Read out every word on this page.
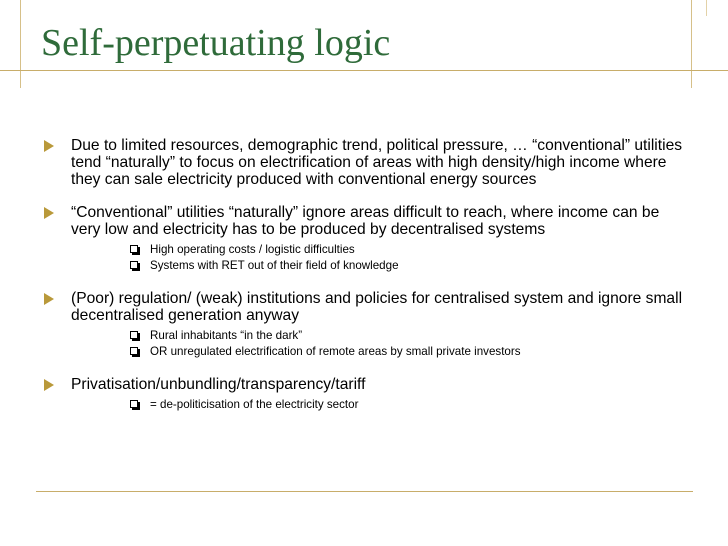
Self-perpetuating logic
Due to limited resources, demographic trend, political pressure, … “conventional” utilities tend “naturally” to focus on electrification of areas with high density/high income where they can sale electricity produced with conventional energy sources
“Conventional” utilities “naturally” ignore areas difficult to reach, where income can be very low and electricity has to be produced by decentralised systems
High operating costs / logistic difficulties
Systems with RET out of their field of knowledge
(Poor) regulation/ (weak) institutions and policies for centralised system and ignore small decentralised generation anyway
Rural inhabitants “in the dark”
OR unregulated electrification of remote areas by small private investors
Privatisation/unbundling/transparency/tariff
= de-politicisation of the electricity sector
